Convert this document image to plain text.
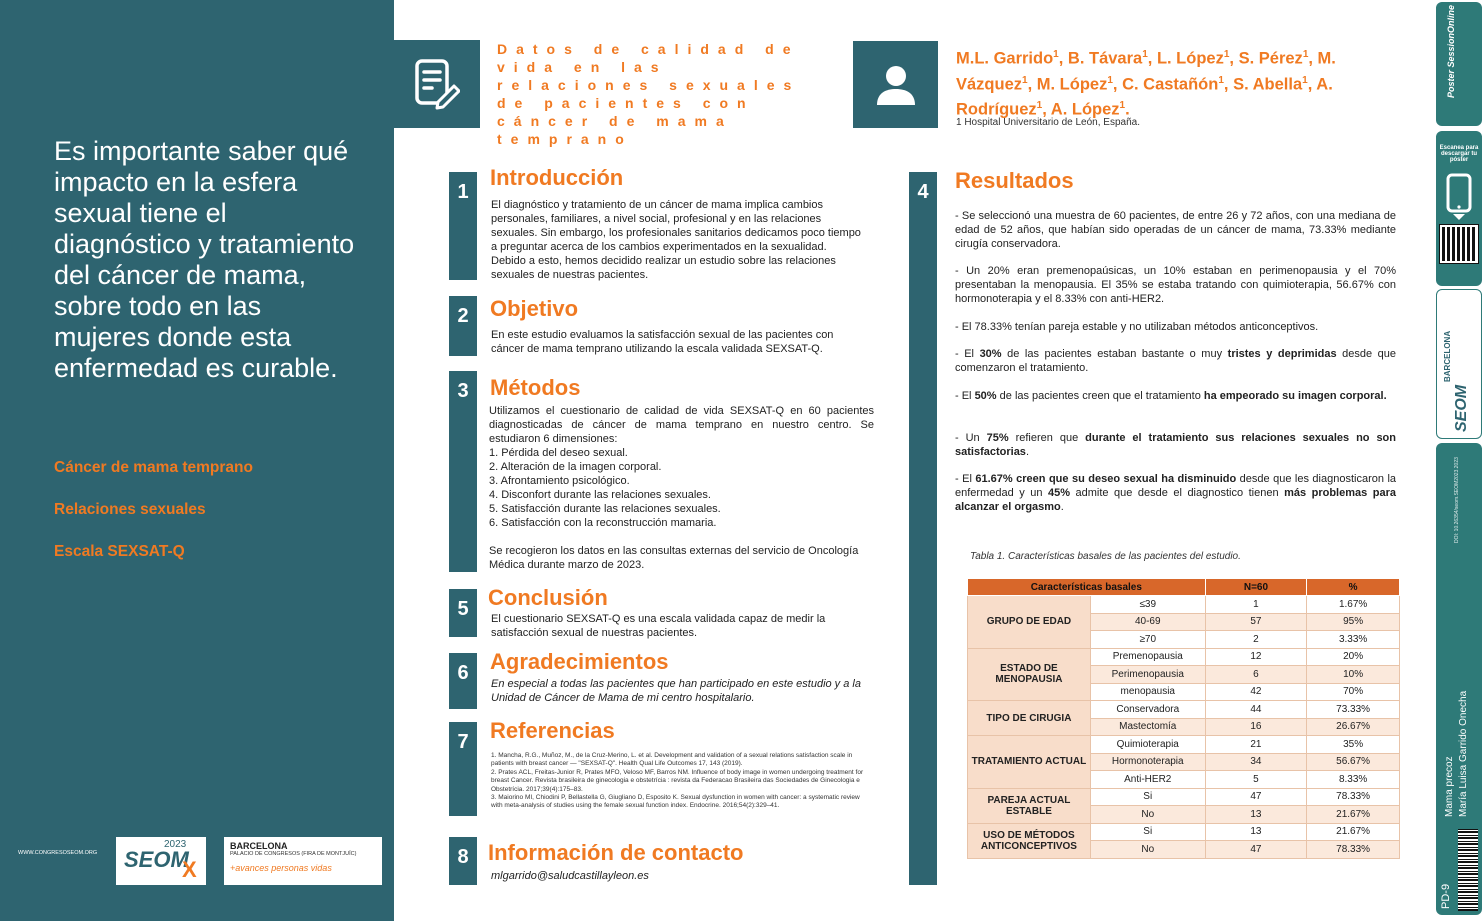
Es importante saber qué impacto en la esfera sexual tiene el diagnóstico y tratamiento del cáncer de mama, sobre todo en las mujeres donde esta enfermedad es curable.

Cáncer de mama temprano
Relaciones sexuales
Escala SEXSAT-Q
WWW.CONGRESOSEOM.ORG
2023
SEOM
X
BARCELONA
PALACIO DE CONGRESOS (FIRA DE MONTJUÏC)
+avances personas vidas
Datos de calidad de vida en las relaciones sexuales de pacientes con cáncer de mama temprano
M.L. Garrido$^1$, B. Távara$^1$, L. López$^1$, S. Pérez$^1$, M. Vázquez$^1$, M. López$^1$, C. Castañón$^1$, S. Abella$^1$, A. Rodríguez$^1$, A. López$^1$.
1 Hospital Universitario de León, España.
1
Introducción

El diagnóstico y tratamiento de un cáncer de mama implica cambios personales, familiares, a nivel social, profesional y en las relaciones sexuales. Sin embargo, los profesionales sanitarios dedicamos poco tiempo a preguntar acerca de los cambios experimentados en la sexualidad. Debido a esto, hemos decidido realizar un estudio sobre las relaciones sexuales de nuestras pacientes.

2 Objetivo

En este estudio evaluamos la satisfacción sexual de las pacientes con cáncer de mama temprano utilizando la escala validada SEXSAT-Q.

3 Métodos

Utilizamos el cuestionario de calidad de vida SEXSAT-Q en 60 pacientes diagnosticadas de cáncer de mama temprano en nuestro centro. Se estudiaron 6 dimensiones:

1. Pérdida del deseo sexual.
2. Alteración de la imagen corporal.
3. Afrontamiento psicológico.
4. Disconfort durante las relaciones sexuales.
5. Satisfacción durante las relaciones sexuales.
6. Satisfacción con la reconstrucción mamaria.

Se recogieron los datos en las consultas externas del servicio de Oncología Médica durante marzo de 2023.

5 Conclusión

El cuestionario SEXSAT-Q es una escala validada capaz de medir la satisfacción sexual de nuestras pacientes.

6 Agradecimientos

En especial a todas las pacientes que han participado en este estudio y a la Unidad de Cáncer de Mama de mi centro hospitalario.

7 Referencias

1. Mancha, R.G., Muñoz, M., de la Cruz-Merino, L. et al. Development and validation of a sexual relations satisfaction scale in patients with breast cancer — "SEXSAT-Q". Health Qual Life Outcomes 17, 143 (2019).

2. Prates ACL, Freitas-Junior R, Prates MFO, Veloso MF, Barros NM. Influence of body image in women undergoing treatment for breast Cancer. Revista brasileira de ginecologia e obstetrícia : revista da Federacao Brasileira das Sociedades de Ginecologia e Obstetrícia. 2017;39(4):175–83.

3. Maiorino MI, Chiodini P, Bellastella G, Giugliano D, Esposito K. Sexual dysfunction in women with cancer: a systematic review with meta-analysis of studies using the female sexual function index. Endocrine. 2016;54(2):329–41.

8 Información de contacto

mlgarrido@saludcastillayleon.es

4	Resultados

- Se seleccionó una muestra de 60 pacientes, de entre 26 y 72 años, con una mediana de edad de 52 años, que habían sido operadas de un cáncer de mama, 73.33% mediante cirugía conservadora.

- Un 20% eran premenopaúsicas, un 10% estaban en perimenopausia y el 70% presentaban la menopausia. El 35% se estaba tratando con quimioterapia, 56.67% con hormonoterapia y el 8.33% con anti-HER2.

- El 78.33% tenían pareja estable y no utilizaban métodos anticonceptivos.

- El 30% de las pacientes estaban bastante o muy tristes y deprimidas desde que comenzaron el tratamiento.

- El 50% de las pacientes creen que el tratamiento ha empeorado su imagen corporal.

- Un 75% refieren que durante el tratamiento sus relaciones sexuales no son satisfactorias.

- El 61.67% creen que su deseo sexual ha disminuido desde que les diagnosticaron la enfermedad y un 45% admite que desde el diagnostico tienen más problemas para alcanzar el orgasmo.

Tabla 1. Características basales de las pacientes del estudio.
Características basales		N=60	%
GRUPO DE EDAD	≤39	1	1.67%
	40-69	57	95%
	≥70	2	3.33%
ESTADO DE MENOPAUSIA	Premenopausia	12	20%
	Perimenopausia	6	10%
	menopausia	42	70%
TIPO DE CIRUGIA	Conservadora	44	73.33%
	Mastectomía	16	26.67%
TRATAMIENTO ACTUAL	Quimioterapia	21	35%
	Hormonoterapia	34	56.67%
	Anti-HER2	5	8.33%
PAREJA ACTUAL ESTABLE	Si	47	78.33%
	No	13	21.67%
USO DE MÉTODOS ANTICONCEPTIVOS	Si	13	21.67%
	No	47	78.33%
Poster SessionOnline
Escanea para descargar tu póster
BARCELONA
SEOM
DOI: 10.26354/seom.SEOM2023.2023
Mama precoz María Luisa Garrido Onecha
PD-9
